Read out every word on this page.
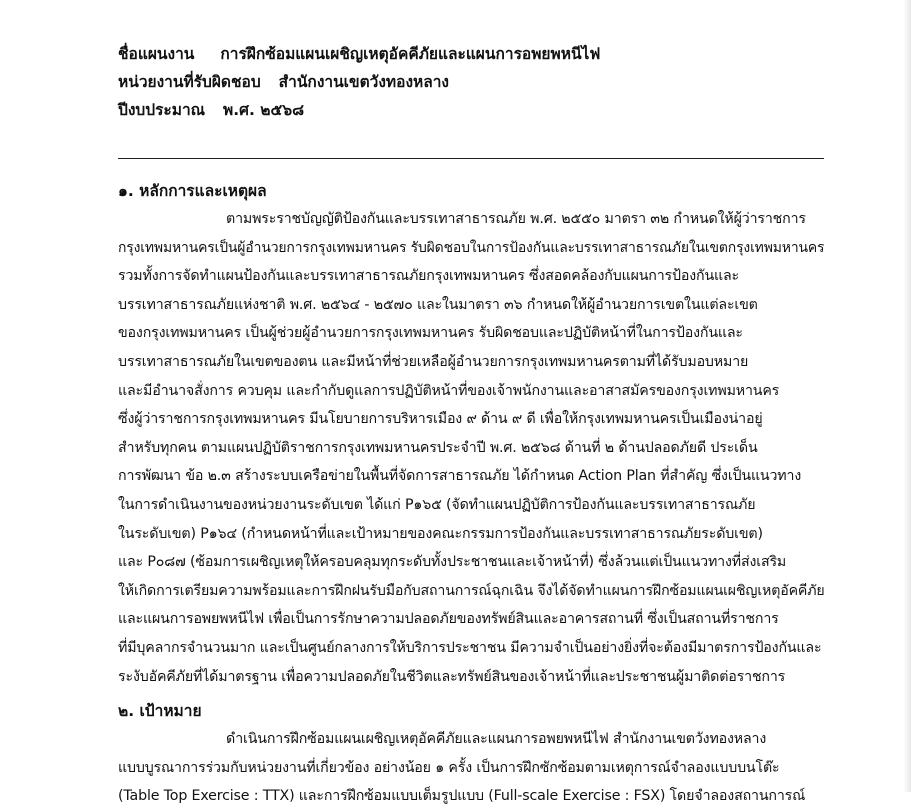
ชื่อแผนงาน การฝึกซ้อมแผนเผชิญเหตุอัคคีภัยและแผนการอพยพหนีไฟ
หน่วยงานที่รับผิดชอบ สำนักงานเขตวังทองหลาง
ปีงบประมาณ พ.ศ. ๒๕๖๘
๑. หลักการและเหตุผล
ตามพระราชบัญญัติป้องกันและบรรเทาสาธารณภัย พ.ศ. ๒๕๕๐ มาตรา ๓๒ กำหนดให้ผู้ว่าราชการ
กรุงเทพมหานครเป็นผู้อำนวยการกรุงเทพมหานคร รับผิดชอบในการป้องกันและบรรเทาสาธารณภัยในเขตกรุงเทพมหานคร
รวมทั้งการจัดทำแผนป้องกันและบรรเทาสาธารณภัยกรุงเทพมหานคร ซึ่งสอดคล้องกับแผนการป้องกันและ
บรรเทาสาธารณภัยแห่งชาติ พ.ศ. ๒๕๖๔ - ๒๕๗๐ และในมาตรา ๓๖ กำหนดให้ผู้อำนวยการเขตในแต่ละเขต
ของกรุงเทพมหานคร เป็นผู้ช่วยผู้อำนวยการกรุงเทพมหานคร รับผิดชอบและปฏิบัติหน้าที่ในการป้องกันและ
บรรเทาสาธารณภัยในเขตของตน และมีหน้าที่ช่วยเหลือผู้อำนวยการกรุงเทพมหานครตามที่ได้รับมอบหมาย
และมีอำนาจสั่งการ ควบคุม และกำกับดูแลการปฏิบัติหน้าที่ของเจ้าพนักงานและอาสาสมัครของกรุงเทพมหานคร
ซึ่งผู้ว่าราชการกรุงเทพมหานคร มีนโยบายการบริหารเมือง ๙ ด้าน ๙ ดี เพื่อให้กรุงเทพมหานครเป็นเมืองน่าอยู่
สำหรับทุกคน ตามแผนปฏิบัติราชการกรุงเทพมหานครประจำปี พ.ศ. ๒๕๖๘ ด้านที่ ๒ ด้านปลอดภัยดี ประเด็น
การพัฒนา ข้อ ๒.๓ สร้างระบบเครือข่ายในพื้นที่จัดการสาธารณภัย ได้กำหนด Action Plan ที่สำคัญ ซึ่งเป็นแนวทาง
ในการดำเนินงานของหน่วยงานระดับเขต ได้แก่ P๑๖๕ (จัดทำแผนปฏิบัติการป้องกันและบรรเทาสาธารณภัย
ในระดับเขต) P๑๖๔ (กำหนดหน้าที่และเป้าหมายของคณะกรรมการป้องกันและบรรเทาสาธารณภัยระดับเขต)
และ P๐๘๗ (ซ้อมการเผชิญเหตุให้ครอบคลุมทุกระดับทั้งประชาชนและเจ้าหน้าที่) ซึ่งล้วนแต่เป็นแนวทางที่ส่งเสริม
ให้เกิดการเตรียมความพร้อมและการฝึกฝนรับมือกับสถานการณ์ฉุกเฉิน จึงได้จัดทำแผนการฝึกซ้อมแผนเผชิญเหตุอัคคีภัย
และแผนการอพยพหนีไฟ เพื่อเป็นการรักษาความปลอดภัยของทรัพย์สินและอาคารสถานที่ ซึ่งเป็นสถานที่ราชการ
ที่มีบุคลากรจำนวนมาก และเป็นศูนย์กลางการให้บริการประชาชน มีความจำเป็นอย่างยิ่งที่จะต้องมีมาตรการป้องกันและ
ระงับอัคคีภัยที่ได้มาตรฐาน เพื่อความปลอดภัยในชีวิตและทรัพย์สินของเจ้าหน้าที่และประชาชนผู้มาติดต่อราชการ
๒. เป้าหมาย
ดำเนินการฝึกซ้อมแผนเผชิญเหตุอัคคีภัยและแผนการอพยพหนีไฟ สำนักงานเขตวังทองหลาง
แบบบูรณาการร่วมกับหน่วยงานที่เกี่ยวข้อง อย่างน้อย ๑ ครั้ง เป็นการฝึกซักซ้อมตามเหตุการณ์จำลองแบบบนโต๊ะ
(Table Top Exercise : TTX) และการฝึกซ้อมแบบเต็มรูปแบบ (Full-scale Exercise : FSX) โดยจำลองสถานการณ์
